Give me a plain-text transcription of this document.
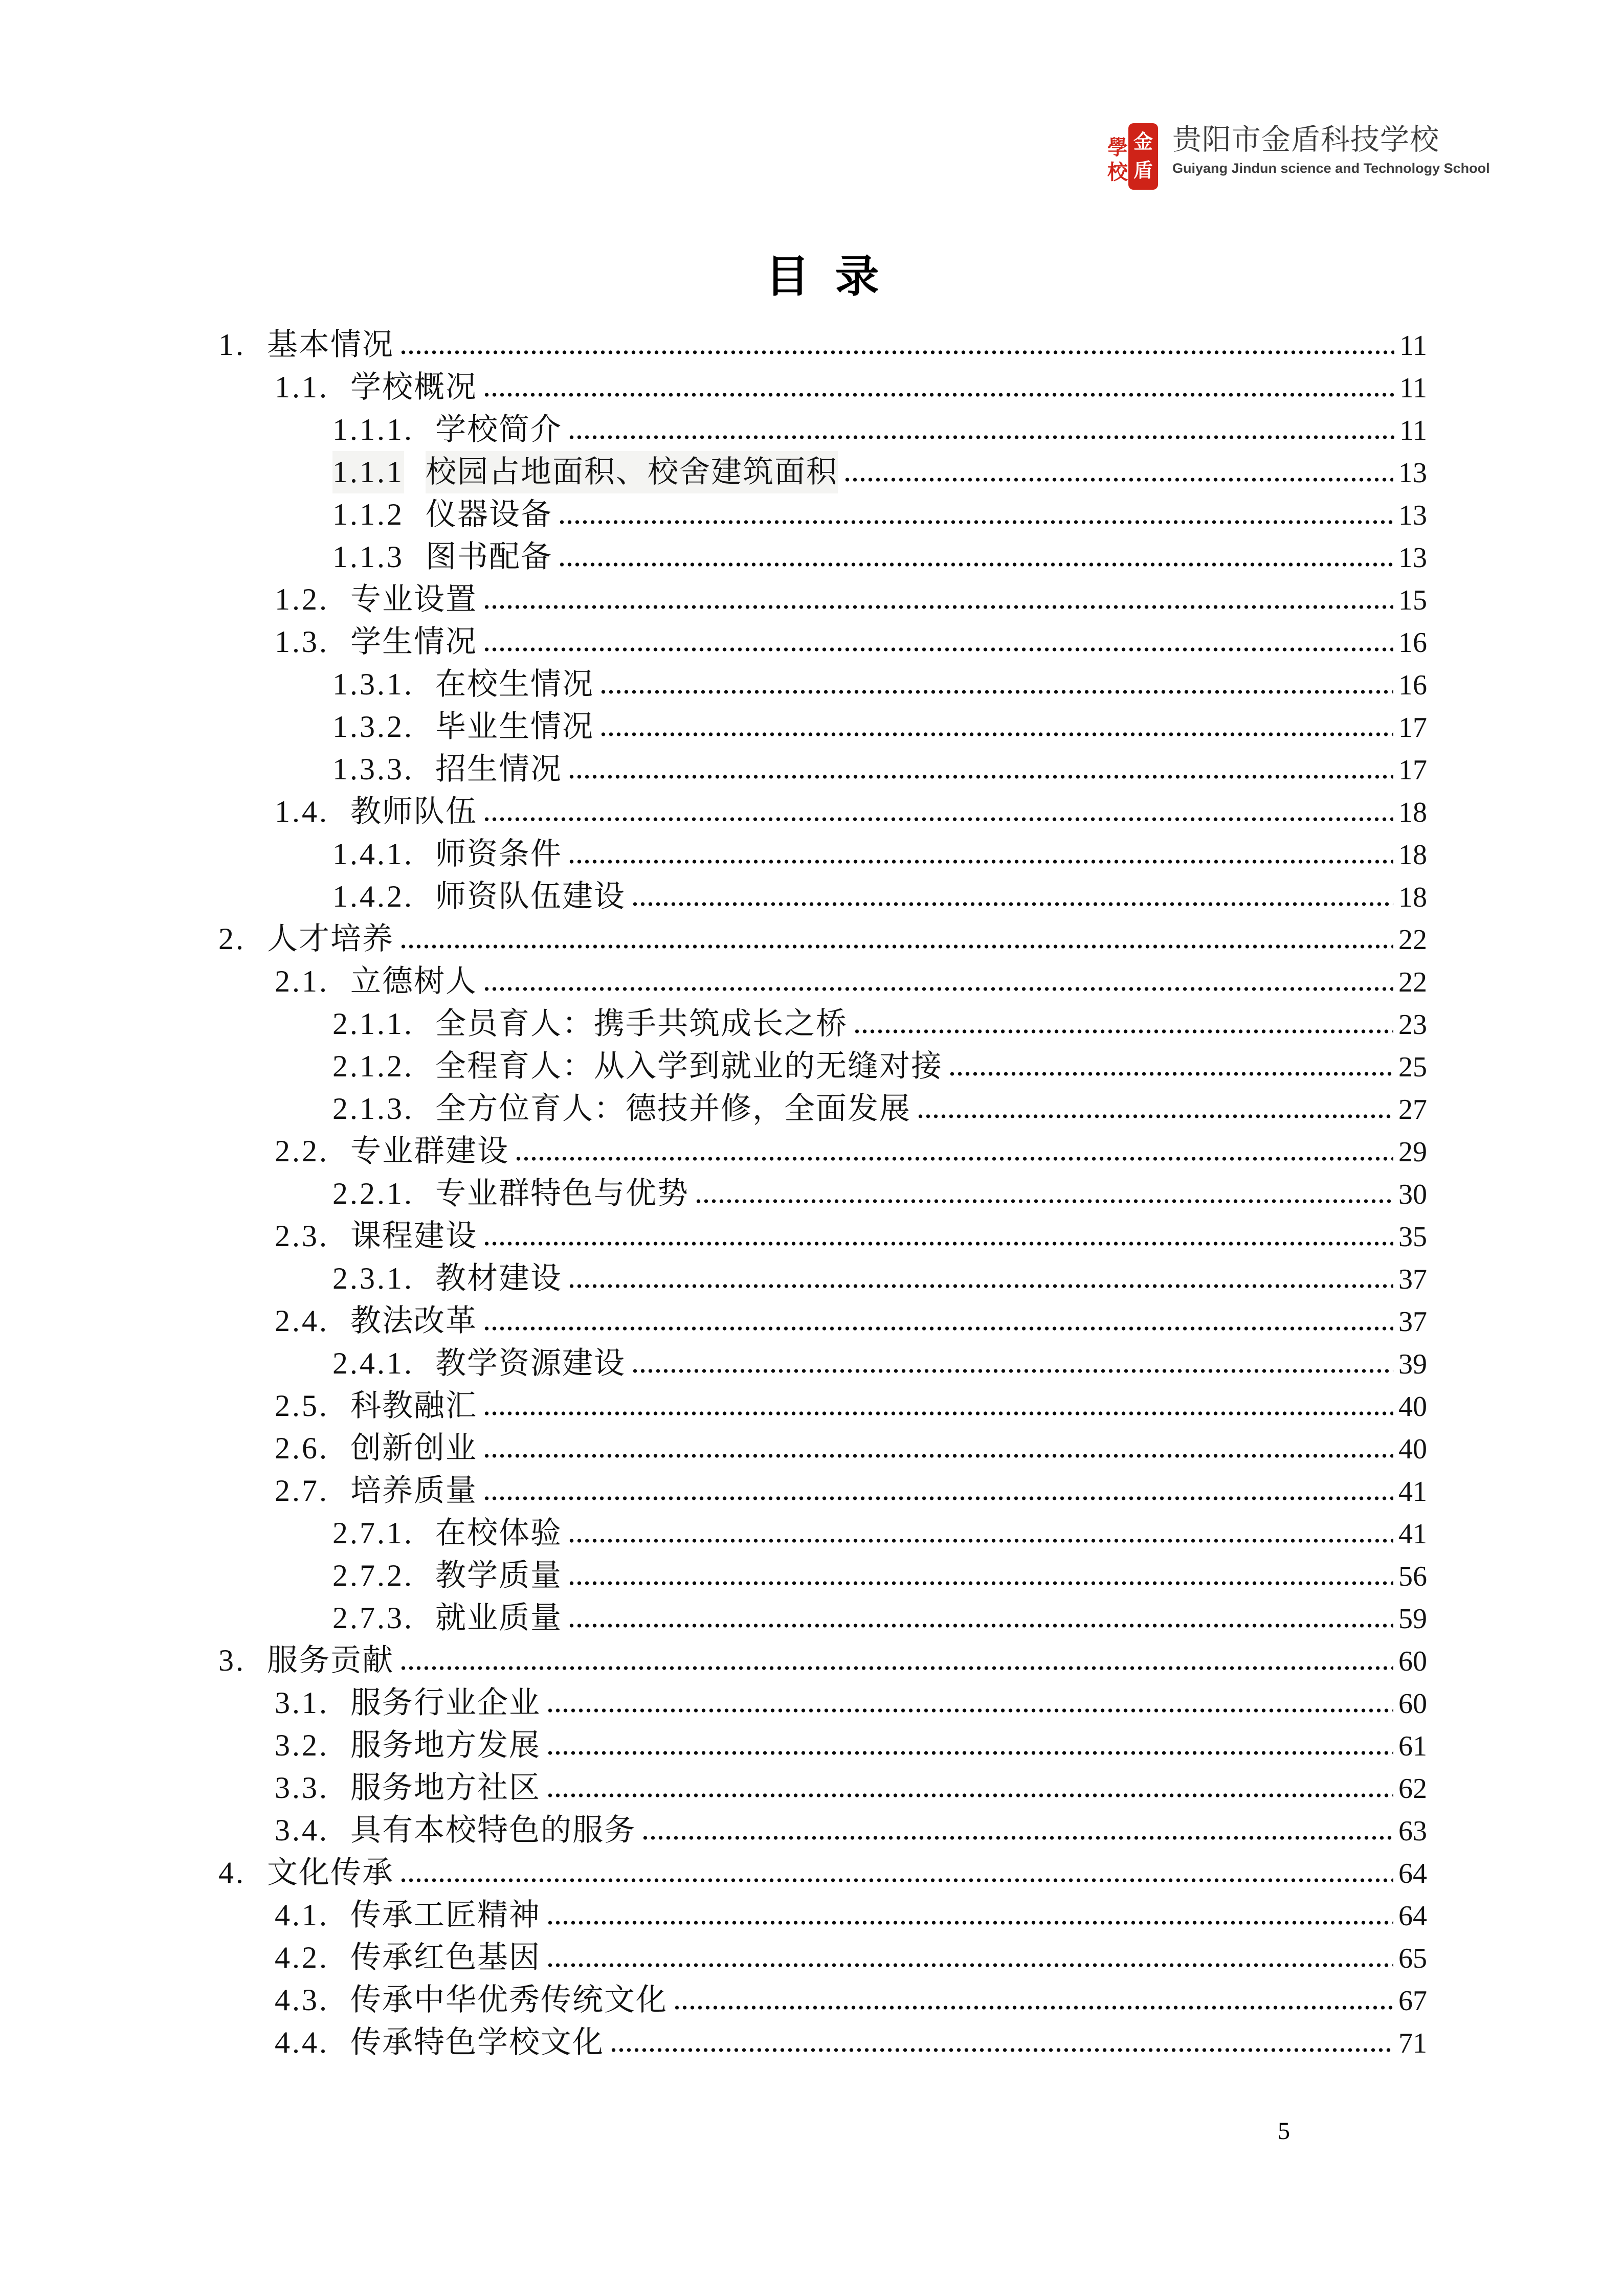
學
校
金
盾
贵阳市金盾科技学校
Guiyang Jindun science and Technology School
目 录
1. 基本情况	11
1.1. 学校概况	11
1.1.1. 学校简介	11
1.1.1 校园占地面积、校舍建筑面积	13
1.1.2 仪器设备	13
1.1.3 图书配备	13
1.2. 专业设置	15
1.3. 学生情况	16
1.3.1. 在校生情况	16
1.3.2. 毕业生情况	17
1.3.3. 招生情况	17
1.4. 教师队伍	18
1.4.1. 师资条件	18
1.4.2. 师资队伍建设	18
2. 人才培养	22
2.1. 立德树人	22
2.1.1. 全员育人：携手共筑成长之桥	23
2.1.2. 全程育人：从入学到就业的无缝对接	25
2.1.3. 全方位育人：德技并修，全面发展	27
2.2. 专业群建设	29
2.2.1. 专业群特色与优势	30
2.3. 课程建设	35
2.3.1. 教材建设	37
2.4. 教法改革	37
2.4.1. 教学资源建设	39
2.5. 科教融汇	40
2.6. 创新创业	40
2.7. 培养质量	41
2.7.1. 在校体验	41
2.7.2. 教学质量	56
2.7.3. 就业质量	59
3. 服务贡献	60
3.1. 服务行业企业	60
3.2. 服务地方发展	61
3.3. 服务地方社区	62
3.4. 具有本校特色的服务	63
4. 文化传承	64
4.1. 传承工匠精神	64
4.2. 传承红色基因	65
4.3. 传承中华优秀传统文化	67
4.4. 传承特色学校文化	71
5
